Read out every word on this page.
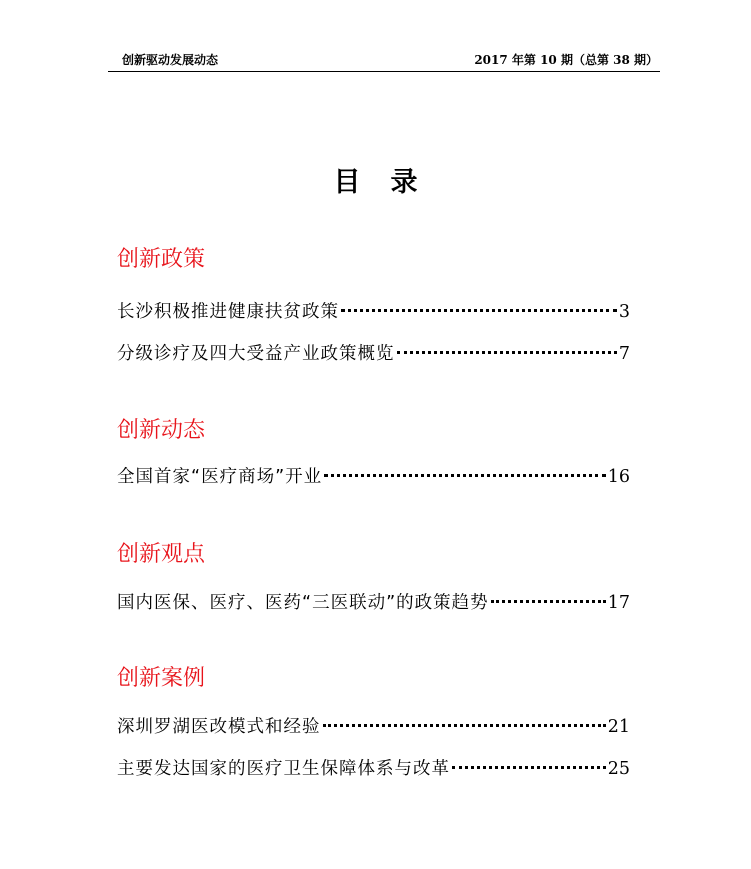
创新驱动发展动态	2017 年第 10 期（总第 38 期）
目录
创新政策
长沙积极推进健康扶贫政策	3
分级诊疗及四大受益产业政策概览	7
创新动态
全国首家“医疗商场”开业	16
创新观点
国内医保、医疗、医药“三医联动”的政策趋势	17
创新案例
深圳罗湖医改模式和经验	21
主要发达国家的医疗卫生保障体系与改革	25
